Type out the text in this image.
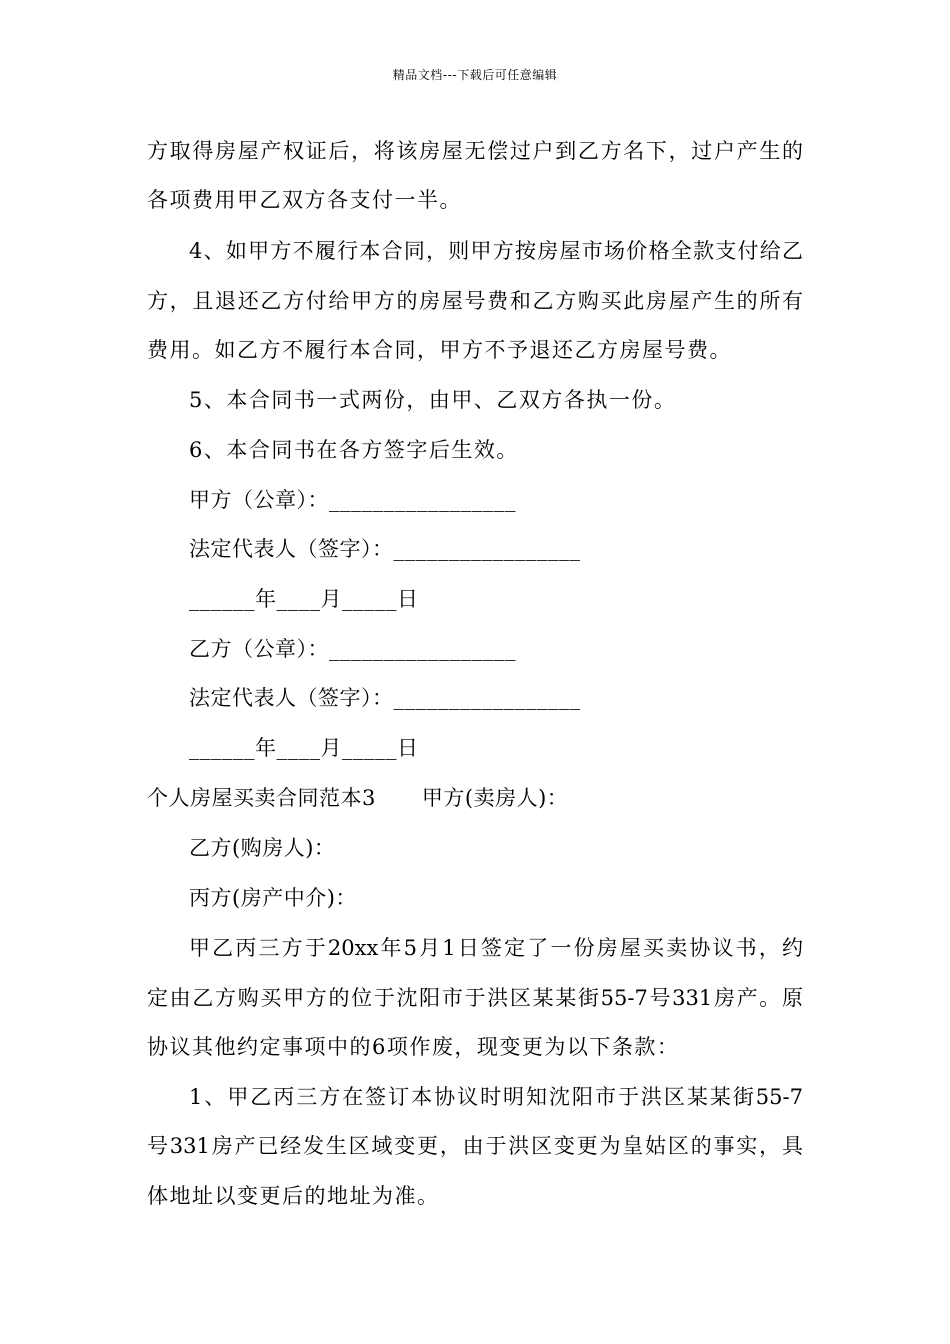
精品文档---下载后可任意编辑
方取得房屋产权证后，将该房屋无偿过户到乙方名下，过户产生的
各项费用甲乙双方各支付一半。
4、如甲方不履行本合同，则甲方按房屋市场价格全款支付给乙
方，且退还乙方付给甲方的房屋号费和乙方购买此房屋产生的所有
费用。如乙方不履行本合同，甲方不予退还乙方房屋号费。
5、本合同书一式两份，由甲、乙双方各执一份。
6、本合同书在各方签字后生效。
甲方（公章）：_________________
法定代表人（签字）：_________________
______年____月_____日
乙方（公章）：_________________
法定代表人（签字）：_________________
______年____月_____日
个人房屋买卖合同范本3 甲方(卖房人)：
乙方(购房人)：
丙方(房产中介)：
甲乙丙三方于20xx年5月1日签定了一份房屋买卖协议书，约
定由乙方购买甲方的位于沈阳市于洪区某某街55-7号331房产。原
协议其他约定事项中的6项作废，现变更为以下条款：
1、甲乙丙三方在签订本协议时明知沈阳市于洪区某某街55-7
号331房产已经发生区域变更，由于洪区变更为皇姑区的事实，具
体地址以变更后的地址为准。
